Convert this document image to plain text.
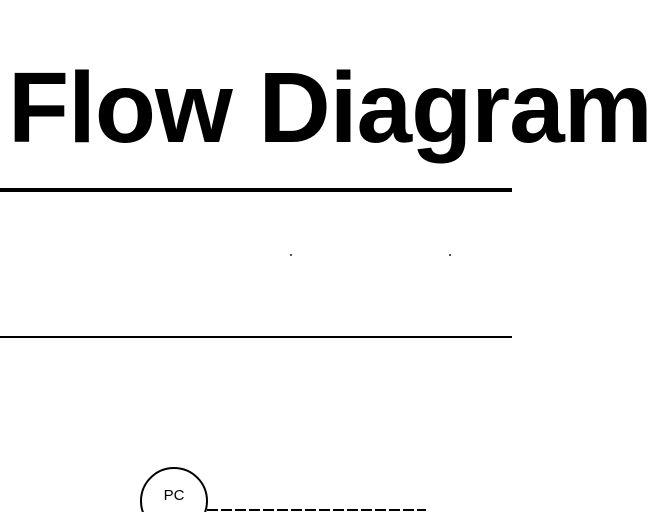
Flow Diagram
PC
